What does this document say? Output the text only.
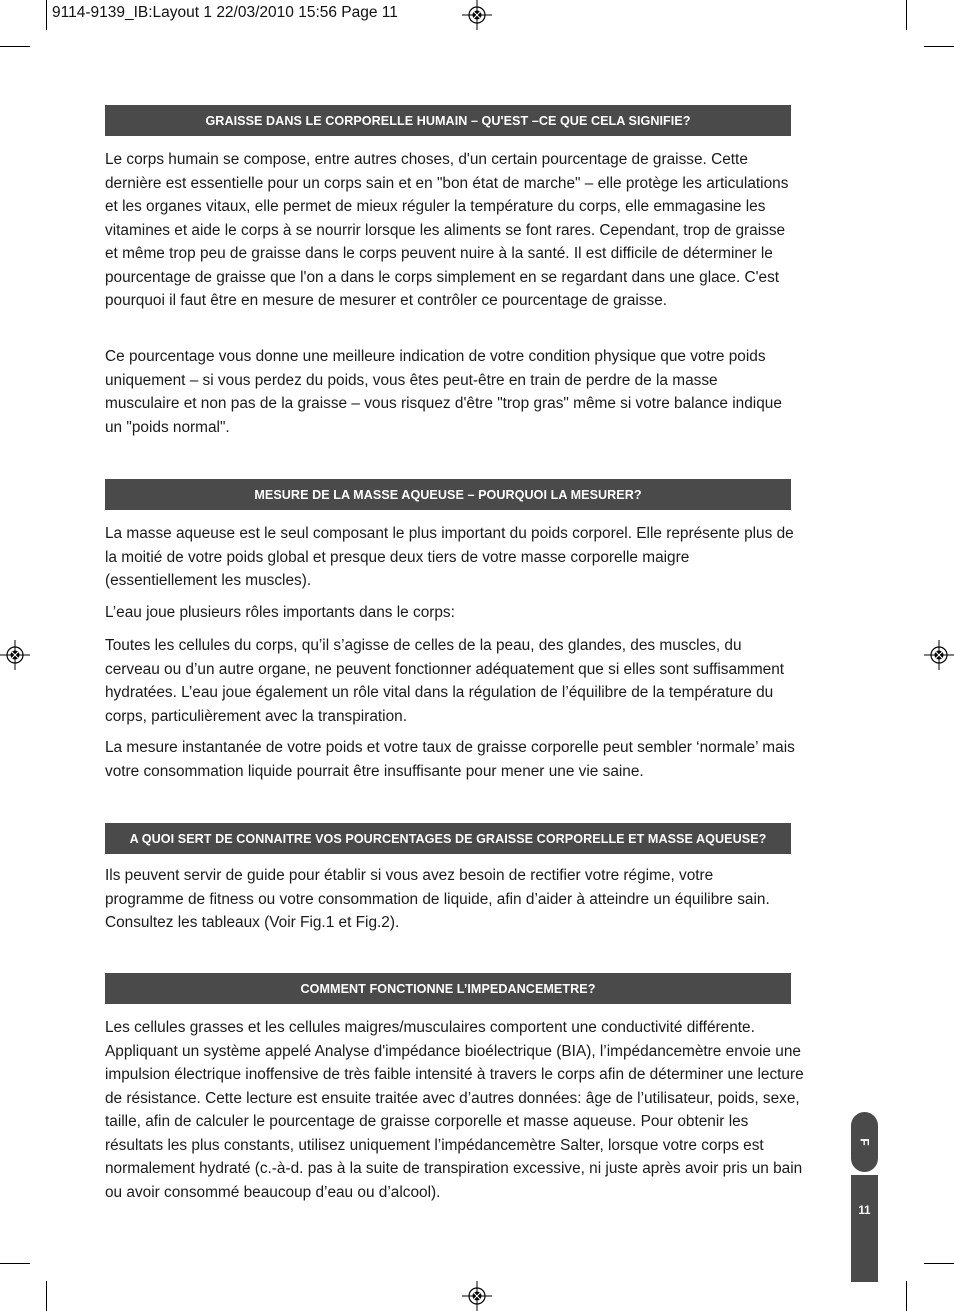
9114-9139_IB:Layout 1 22/03/2010 15:56 Page 11
GRAISSE DANS LE CORPORELLE HUMAIN – QU'EST –CE QUE CELA SIGNIFIE?

Le corps humain se compose, entre autres choses, d'un certain pourcentage de graisse. Cette dernière est essentielle pour un corps sain et en "bon état de marche" – elle protège les articulations et les organes vitaux, elle permet de mieux réguler la température du corps, elle emmagasine les vitamines et aide le corps à se nourrir lorsque les aliments se font rares. Cependant, trop de graisse et même trop peu de graisse dans le corps peuvent nuire à la santé. Il est difficile de déterminer le pourcentage de graisse que l'on a dans le corps simplement en se regardant dans une glace. C'est pourquoi il faut être en mesure de mesurer et contrôler ce pourcentage de graisse.

Ce pourcentage vous donne une meilleure indication de votre condition physique que votre poids uniquement – si vous perdez du poids, vous êtes peut-être en train de perdre de la masse musculaire et non pas de la graisse – vous risquez d'être "trop gras" même si votre balance indique un "poids normal".

MESURE DE LA MASSE AQUEUSE – POURQUOI LA MESURER?

La masse aqueuse est le seul composant le plus important du poids corporel. Elle représente plus de la moitié de votre poids global et presque deux tiers de votre masse corporelle maigre (essentiellement les muscles).

L’eau joue plusieurs rôles importants dans le corps:

Toutes les cellules du corps, qu’il s’agisse de celles de la peau, des glandes, des muscles, du cerveau ou d’un autre organe, ne peuvent fonctionner adéquatement que si elles sont suffisamment hydratées. L’eau joue également un rôle vital dans la régulation de l’équilibre de la température du corps, particulièrement avec la transpiration.

La mesure instantanée de votre poids et votre taux de graisse corporelle peut sembler ‘normale’ mais votre consommation liquide pourrait être insuffisante pour mener une vie saine.

A QUOI SERT DE CONNAITRE VOS POURCENTAGES DE GRAISSE CORPORELLE ET MASSE AQUEUSE?

Ils peuvent servir de guide pour établir si vous avez besoin de rectifier votre régime, votre programme de fitness ou votre consommation de liquide, afin d’aider à atteindre un équilibre sain. Consultez les tableaux (Voir Fig.1 et Fig.2).

COMMENT FONCTIONNE L’IMPEDANCEMETRE?

Les cellules grasses et les cellules maigres/musculaires comportent une conductivité différente. Appliquant un système appelé Analyse d'impédance bioélectrique (BIA), l’impédancemètre envoie une impulsion électrique inoffensive de très faible intensité à travers le corps afin de déterminer une lecture de résistance. Cette lecture est ensuite traitée avec d’autres données: âge de l’utilisateur, poids, sexe, taille, afin de calculer le pourcentage de graisse corporelle et masse aqueuse. Pour obtenir les résultats les plus constants, utilisez uniquement l’impédancemètre Salter, lorsque votre corps est normalement hydraté (c.-à-d. pas à la suite de transpiration excessive, ni juste après avoir pris un bain ou avoir consommé beaucoup d’eau ou d’alcool).

F
11
